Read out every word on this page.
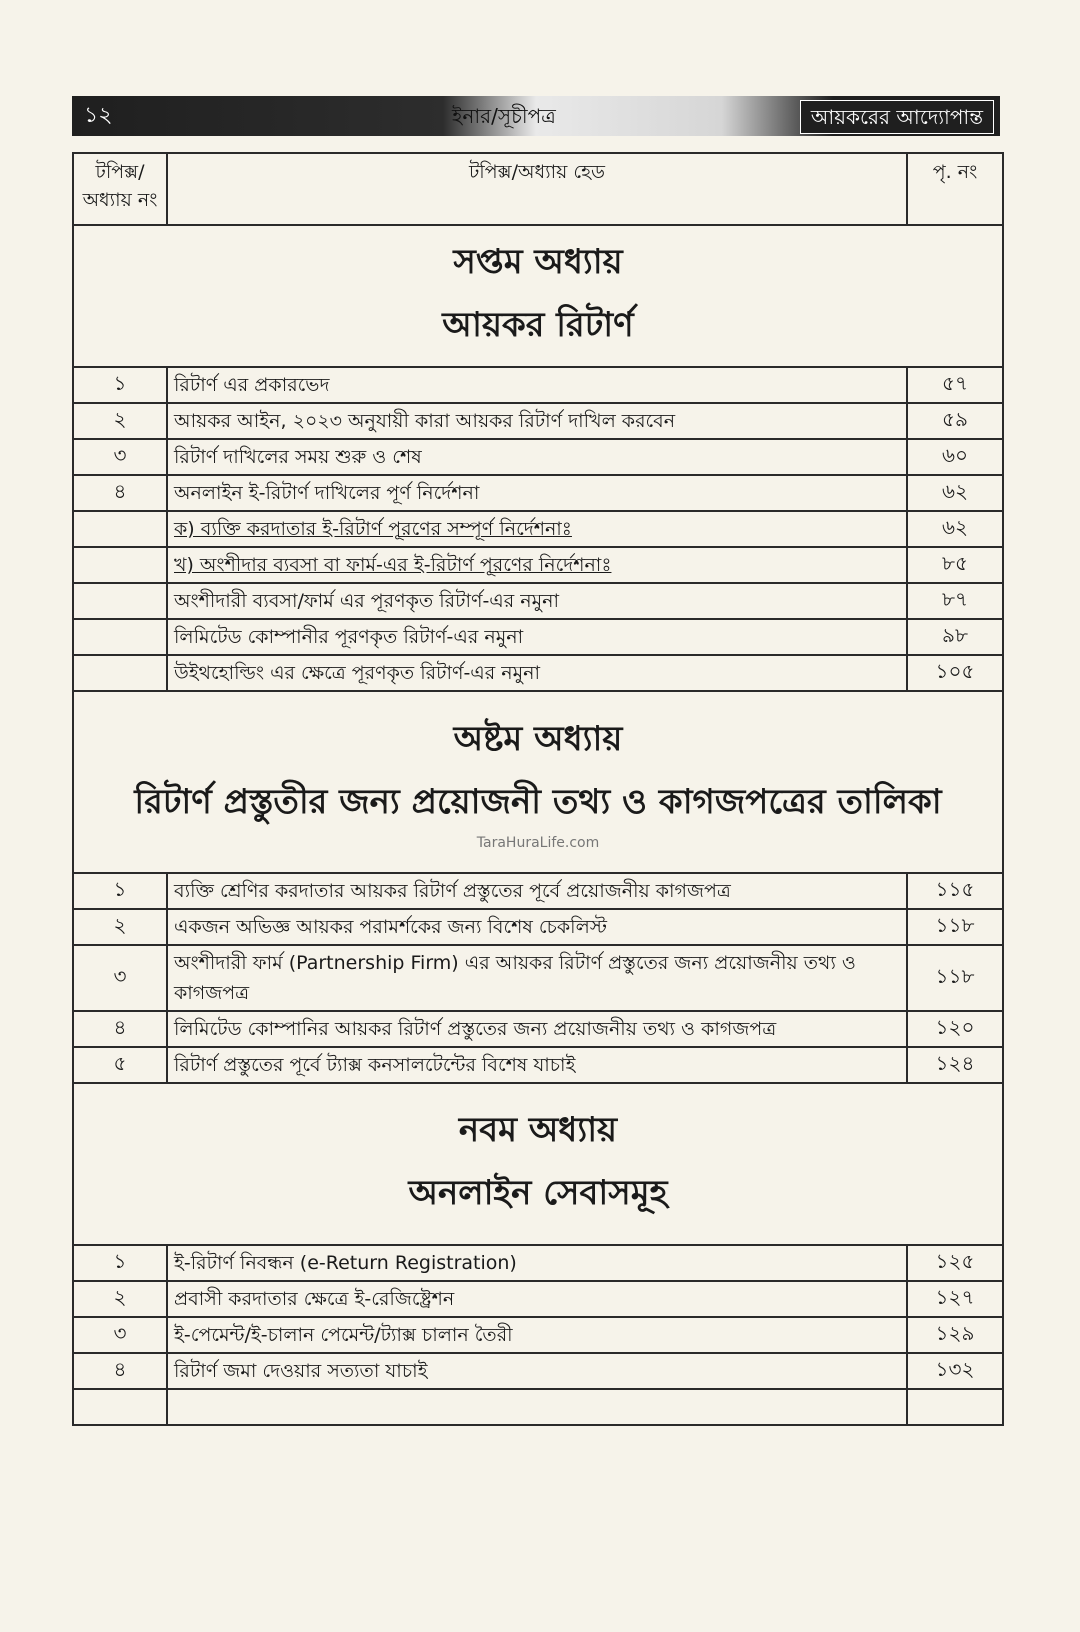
১২	ইনার/সূচীপত্র	আয়করের আদ্যোপান্ত
টপিক্স/ অধ্যায় নং	টপিক্স/অধ্যায় হেড	পৃ. নং

সপ্তম অধ্যায়
আয়কর রিটার্ণ		

১	রিটার্ণ এর প্রকারভেদ	৫৭
২	আয়কর আইন, ২০২৩ অনুযায়ী কারা আয়কর রিটার্ণ দাখিল করবেন	৫৯
৩	রিটার্ণ দাখিলের সময় শুরু ও শেষ	৬০
৪	অনলাইন ই-রিটার্ণ দাখিলের পূর্ণ নির্দেশনা	৬২
	ক) ব্যক্তি করদাতার ই-রিটার্ণ পূরণের সম্পূর্ণ নির্দেশনাঃ	৬২
	খ) অংশীদার ব্যবসা বা ফার্ম-এর ই-রিটার্ণ পূরণের নির্দেশনাঃ	৮৫
	অংশীদারী ব্যবসা/ফার্ম এর পূরণকৃত রিটার্ণ-এর নমুনা	৮৭
	লিমিটেড কোম্পানীর পূরণকৃত রিটার্ণ-এর নমুনা	৯৮
	উইথহোল্ডিং এর ক্ষেত্রে পূরণকৃত রিটার্ণ-এর নমুনা	১০৫

অষ্টম অধ্যায়
রিটার্ণ প্রস্তুতীর জন্য প্রয়োজনী তথ্য ও কাগজপত্রের তালিকা
TaraHuraLife.com		

১	ব্যক্তি শ্রেণির করদাতার আয়কর রিটার্ণ প্রস্তুতের পূর্বে প্রয়োজনীয় কাগজপত্র	১১৫
২	একজন অভিজ্ঞ আয়কর পরামর্শকের জন্য বিশেষ চেকলিস্ট	১১৮
৩	অংশীদারী ফার্ম (Partnership Firm) এর আয়কর রিটার্ণ প্রস্তুতের জন্য প্রয়োজনীয় তথ্য ও কাগজপত্র	১১৮
৪	লিমিটেড কোম্পানির আয়কর রিটার্ণ প্রস্তুতের জন্য প্রয়োজনীয় তথ্য ও কাগজপত্র	১২০
৫	রিটার্ণ প্রস্তুতের পূর্বে ট্যাক্স কনসালটেন্টের বিশেষ যাচাই	১২৪

নবম অধ্যায়
অনলাইন সেবাসমূহ		

১	ই-রিটার্ণ নিবন্ধন (e-Return Registration)	১২৫
২	প্রবাসী করদাতার ক্ষেত্রে ই-রেজিষ্ট্রেশন	১২৭
৩	ই-পেমেন্ট/ই-চালান পেমেন্ট/ট্যাক্স চালান তৈরী	১২৯
৪	রিটার্ণ জমা দেওয়ার সত্যতা যাচাই	১৩২
